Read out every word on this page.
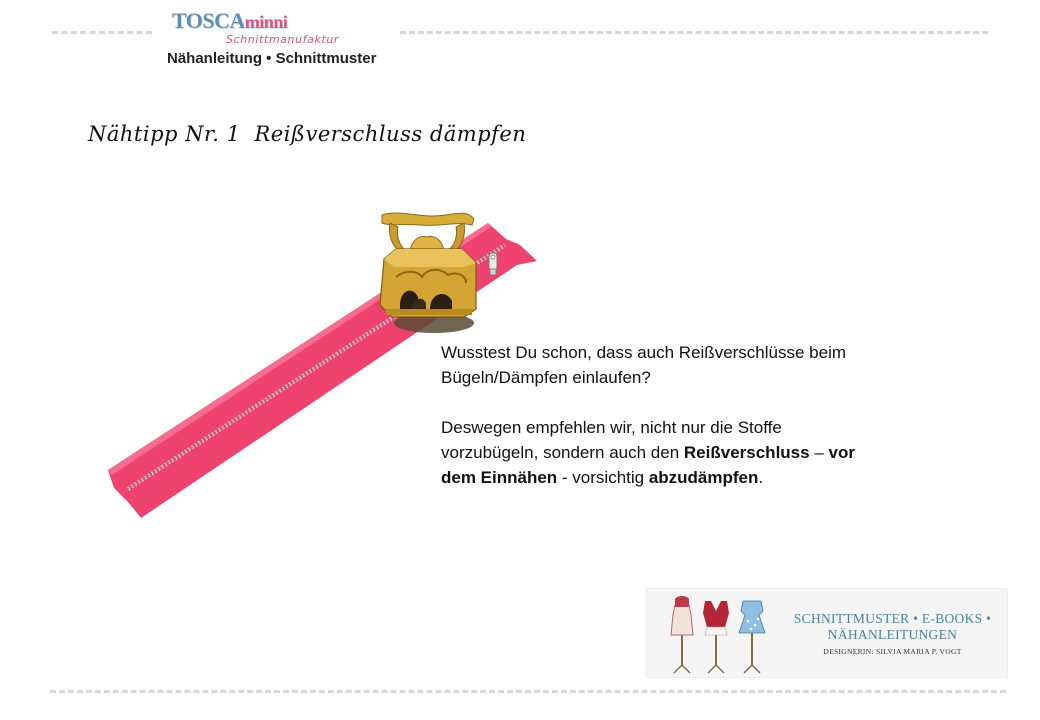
TOSCAminni
Schnittmanufaktur
Nähanleitung • Schnittmuster
Nähtipp Nr. 1 Reißverschluss dämpfen

Wusstest Du schon, dass auch Reißverschlüsse beim Bügeln/Dämpfen einlaufen?

Deswegen empfehlen wir, nicht nur die Stoffe vorzubügeln, sondern auch den Reißverschluss – vor dem Einnähen - vorsichtig abzudämpfen.

SCHNITTMUSTER • E-BOOKS •
NÄHANLEITUNGEN
DESIGNERIN: SILVIA MARIA P. VOGT
